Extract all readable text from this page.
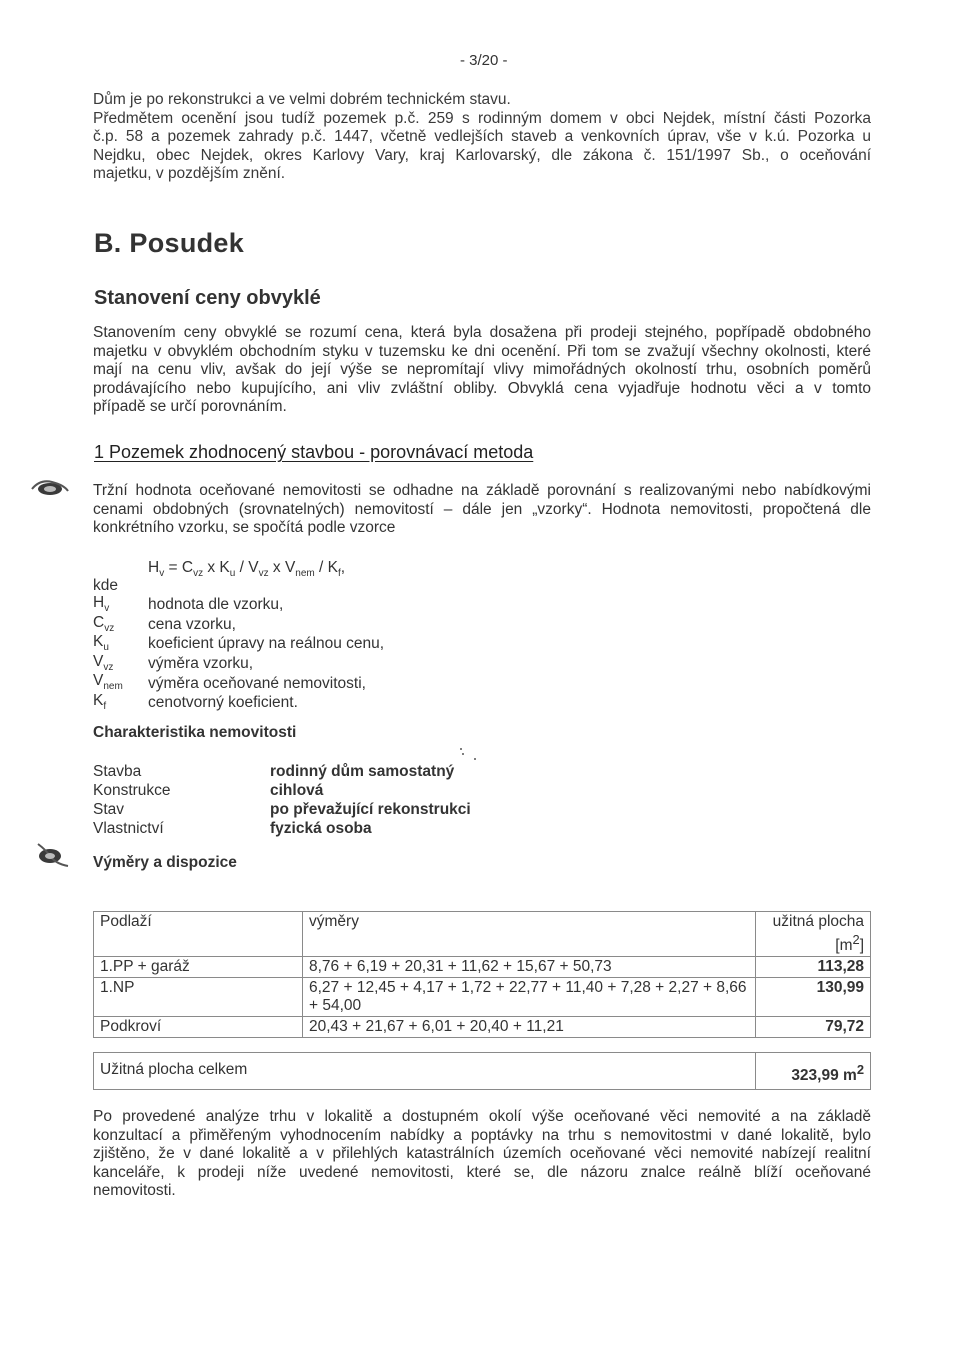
- 3/20 -
Dům je po rekonstrukci a ve velmi dobrém technickém stavu.
Předmětem ocenění jsou tudíž pozemek p.č. 259 s rodinným domem v obci Nejdek, místní části Pozorka
č.p. 58 a pozemek zahrady p.č. 1447, včetně vedlejších staveb a venkovních úprav, vše v k.ú. Pozorka u
Nejdku, obec Nejdek, okres Karlovy Vary, kraj Karlovarský, dle zákona č. 151/1997 Sb., o oceňování
majetku, v pozdějším znění.
B. Posudek
Stanovení ceny obvyklé
Stanovením ceny obvyklé se rozumí cena, která byla dosažena při prodeji stejného, popřípadě obdobného
majetku v obvyklém obchodním styku v tuzemsku ke dni ocenění. Při tom se zvažují všechny okolnosti, které
mají na cenu vliv, avšak do její výše se nepromítají vlivy mimořádných okolností trhu, osobních poměrů
prodávajícího nebo kupujícího, ani vliv zvláštní obliby. Obvyklá cena vyjadřuje hodnotu věci a v tomto
případě se určí porovnáním.
1 Pozemek zhodnocený stavbou - porovnávací metoda
Tržní hodnota oceňované nemovitosti se odhadne na základě porovnání s realizovanými nebo nabídkovými
cenami obdobných (srovnatelných) nemovitostí – dále jen „vzorky“. Hodnota nemovitosti, propočtená dle
konkrétního vzorku, se spočítá podle vzorce
$H_v = C_{vz}$ x $K_u / V_{vz}$ x $V_{nem} / K_f$,
kde
$H_v$	hodnota dle vzorku,
$C_{vz}$	cena vzorku,
$K_u$	koeficient úpravy na reálnou cenu,
$V_{vz}$	výměra vzorku,
$V_{nem}$	výměra oceňované nemovitosti,
$K_f$	cenotvorný koeficient.
Charakteristika nemovitosti
Stavba	rodinný dům samostatný
Konstrukce	cihlová
Stav	po převažující rekonstrukci
Vlastnictví	fyzická osoba
Výměry a dispozice
Podlaží	výměry	užitná plocha
$[m^2]$
1.PP + garáž	8,76 + 6,19 + 20,31 + 11,62 + 15,67 + 50,73	113,28
1.NP	6,27 + 12,45 + 4,17 + 1,72 + 22,77 + 11,40 + 7,28 + 2,27 + 8,66 + 54,00	130,99
Podkroví	20,43 + 21,67 + 6,01 + 20,40 + 11,21	79,72

Užitná plocha celkem		323,99 $m^2$
Po provedené analýze trhu v lokalitě a dostupném okolí výše oceňované věci nemovité a na základě
konzultací a přiměřeným vyhodnocením nabídky a poptávky na trhu s nemovitostmi v dané lokalitě, bylo
zjištěno, že v dané lokalitě a v přilehlých katastrálních územích oceňované věci nemovité nabízejí realitní
kanceláře, k prodeji níže uvedené nemovitosti, které se, dle názoru znalce reálně blíží oceňované
nemovitosti.
